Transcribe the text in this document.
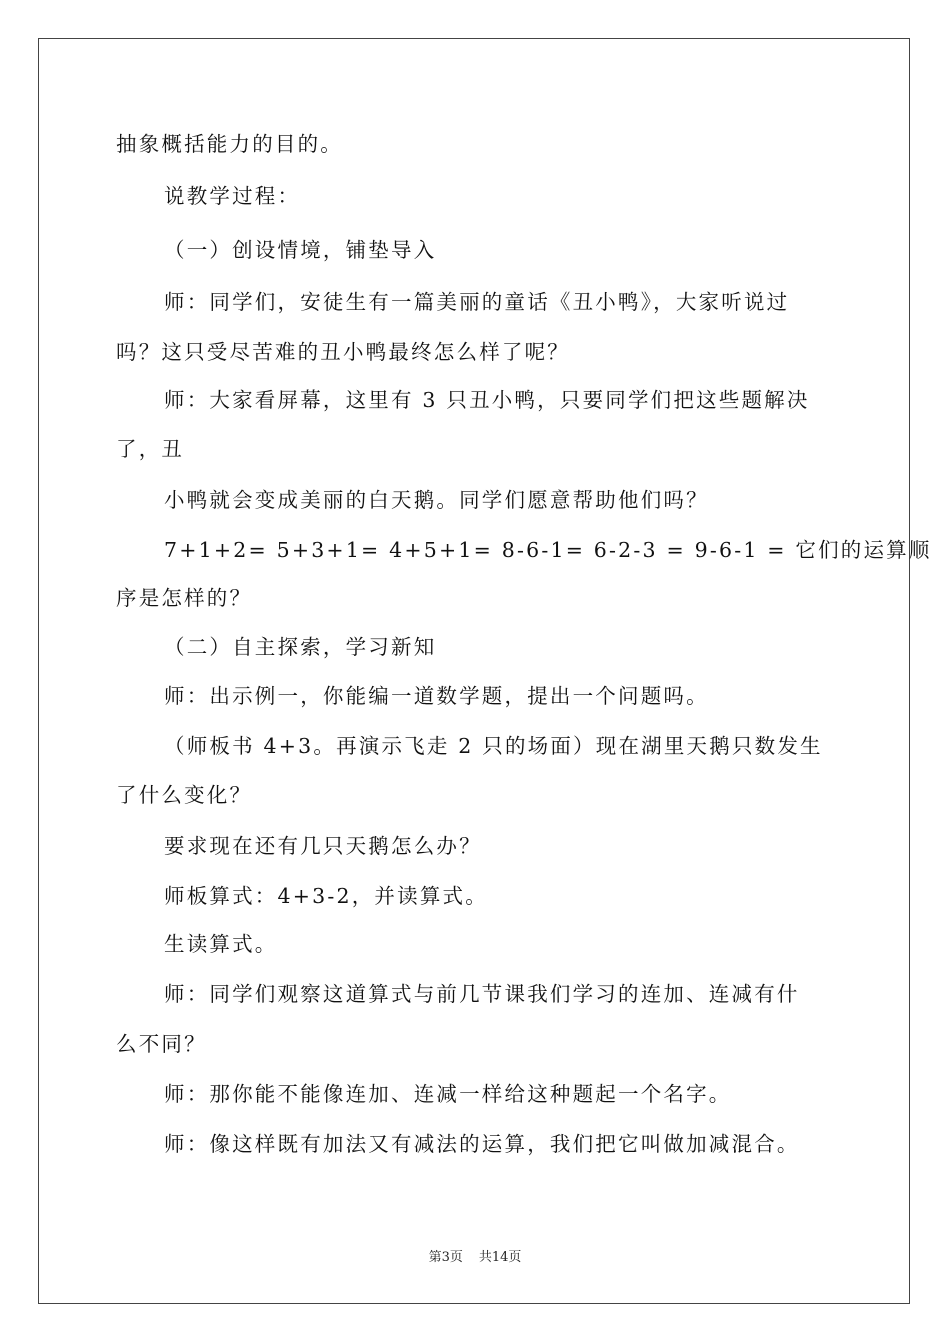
抽象概括能力的目的。
说教学过程：
（一）创设情境，铺垫导入
师：同学们，安徒生有一篇美丽的童话《丑小鸭》，大家听说过
吗？这只受尽苦难的丑小鸭最终怎么样了呢？
师：大家看屏幕，这里有 3 只丑小鸭，只要同学们把这些题解决
了，丑
小鸭就会变成美丽的白天鹅。同学们愿意帮助他们吗？
7+1+2= 5+3+1= 4+5+1= 8-6-1= 6-2-3 = 9-6-1 = 它们的运算顺
序是怎样的？
（二）自主探索，学习新知
师：出示例一，你能编一道数学题，提出一个问题吗。
（师板书 4+3。再演示飞走 2 只的场面）现在湖里天鹅只数发生
了什么变化？
要求现在还有几只天鹅怎么办？
师板算式：4+3-2，并读算式。
生读算式。
师：同学们观察这道算式与前几节课我们学习的连加、连减有什
么不同？
师：那你能不能像连加、连减一样给这种题起一个名字。
师：像这样既有加法又有减法的运算，我们把它叫做加减混合。
第3页 共14页
